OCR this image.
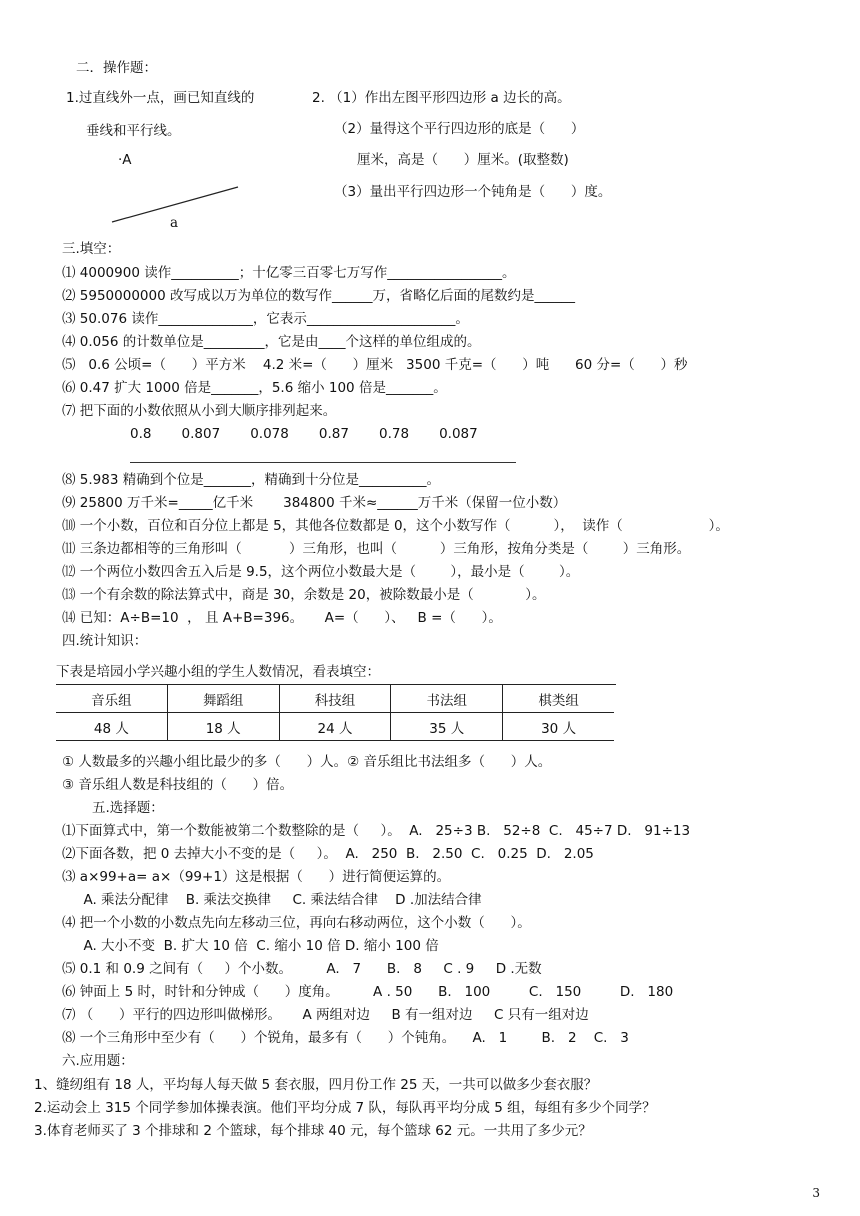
二．操作题：
1.过直线外一点，画已知直线的
垂线和平行线。
·A
a
2. （1）作出左图平形四边形 a 边长的高。
（2）量得这个平行四边形的底是（      ）
厘米，高是（      ）厘米。(取整数)
（3）量出平行四边形一个钝角是（      ）度。
三.填空：
⑴ 4000900 读作__________；十亿零三百零七万写作_________________。
⑵ 5950000000 改写成以万为单位的数写作______万，省略亿后面的尾数约是______
⑶ 50.076 读作______________，它表示______________________。
⑷ 0.056 的计数单位是_________，它是由____个这样的单位组成的。
⑸   0.6 公顷=（      ）平方米    4.2 米=（      ）厘米   3500 千克=（      ）吨      60 分=（      ）秒
⑹ 0.47 扩大 1000 倍是_______，5.6 缩小 100 倍是_______。
⑺ 把下面的小数依照从小到大顺序排列起来。
0.8       0.807       0.078       0.87       0.78       0.087
⑻ 5.983 精确到个位是_______，精确到十分位是__________。
⑼ 25800 万千米=_____亿千米       384800 千米≈______万千米（保留一位小数）
⑽ 一个小数，百位和百分位上都是 5，其他各位数都是 0，这个小数写作（          ），  读作（                    ）。
⑾ 三条边都相等的三角形叫（           ）三角形，也叫（          ）三角形，按角分类是（        ）三角形。
⑿ 一个两位小数四舍五入后是 9.5，这个两位小数最大是（        ），最小是（        ）。
⒀ 一个有余数的除法算式中，商是 30，余数是 20，被除数最小是（            ）。
⒁ 已知：A÷B=10  ， 且 A+B=396。     A=（      ）、   B =（      ）。
四.统计知识：
下表是培园小学兴趣小组的学生人数情况，看表填空：
音乐组	舞蹈组	科技组	书法组	棋类组
48 人	18 人	24 人	35 人	30 人
① 人数最多的兴趣小组比最少的多（      ）人。② 音乐组比书法组多（      ）人。
③ 音乐组人数是科技组的（      ）倍。
五.选择题：
⑴下面算式中，第一个数能被第二个数整除的是（     ）。  A.   25÷3 B.   52÷8  C.   45÷7 D.   91÷13
⑵下面各数，把 0 去掉大小不变的是（     ）。  A.   250  B.   2.50  C.   0.25  D.   2.05
⑶ a×99+a= a×（99+1）这是根据（      ）进行简便运算的。
A. 乘法分配律    B. 乘法交换律     C. 乘法结合律    D .加法结合律
⑷ 把一个小数的小数点先向左移动三位，再向右移动两位，这个小数（      ）。
A. 大小不变  B. 扩大 10 倍  C. 缩小 10 倍 D. 缩小 100 倍
⑸ 0.1 和 0.9 之间有（     ）个小数。        A.   7      B.   8     C . 9     D .无数
⑹ 钟面上 5 时，时针和分钟成（      ）度角。        A . 50      B.   100         C.   150         D.   180
⑺ （      ）平行的四边形叫做梯形。     A 两组对边     B 有一组对边     C 只有一组对边
⑻ 一个三角形中至少有（      ）个锐角，最多有（      ）个钝角。    A.   1        B.   2    C.   3
六.应用题：
1、缝纫组有 18 人，平均每人每天做 5 套衣服，四月份工作 25 天，一共可以做多少套衣服？
2.运动会上 315 个同学参加体操表演。他们平均分成 7 队，每队再平均分成 5 组，每组有多少个同学？
3.体育老师买了 3 个排球和 2 个篮球，每个排球 40 元，每个篮球 62 元。一共用了多少元？
3
